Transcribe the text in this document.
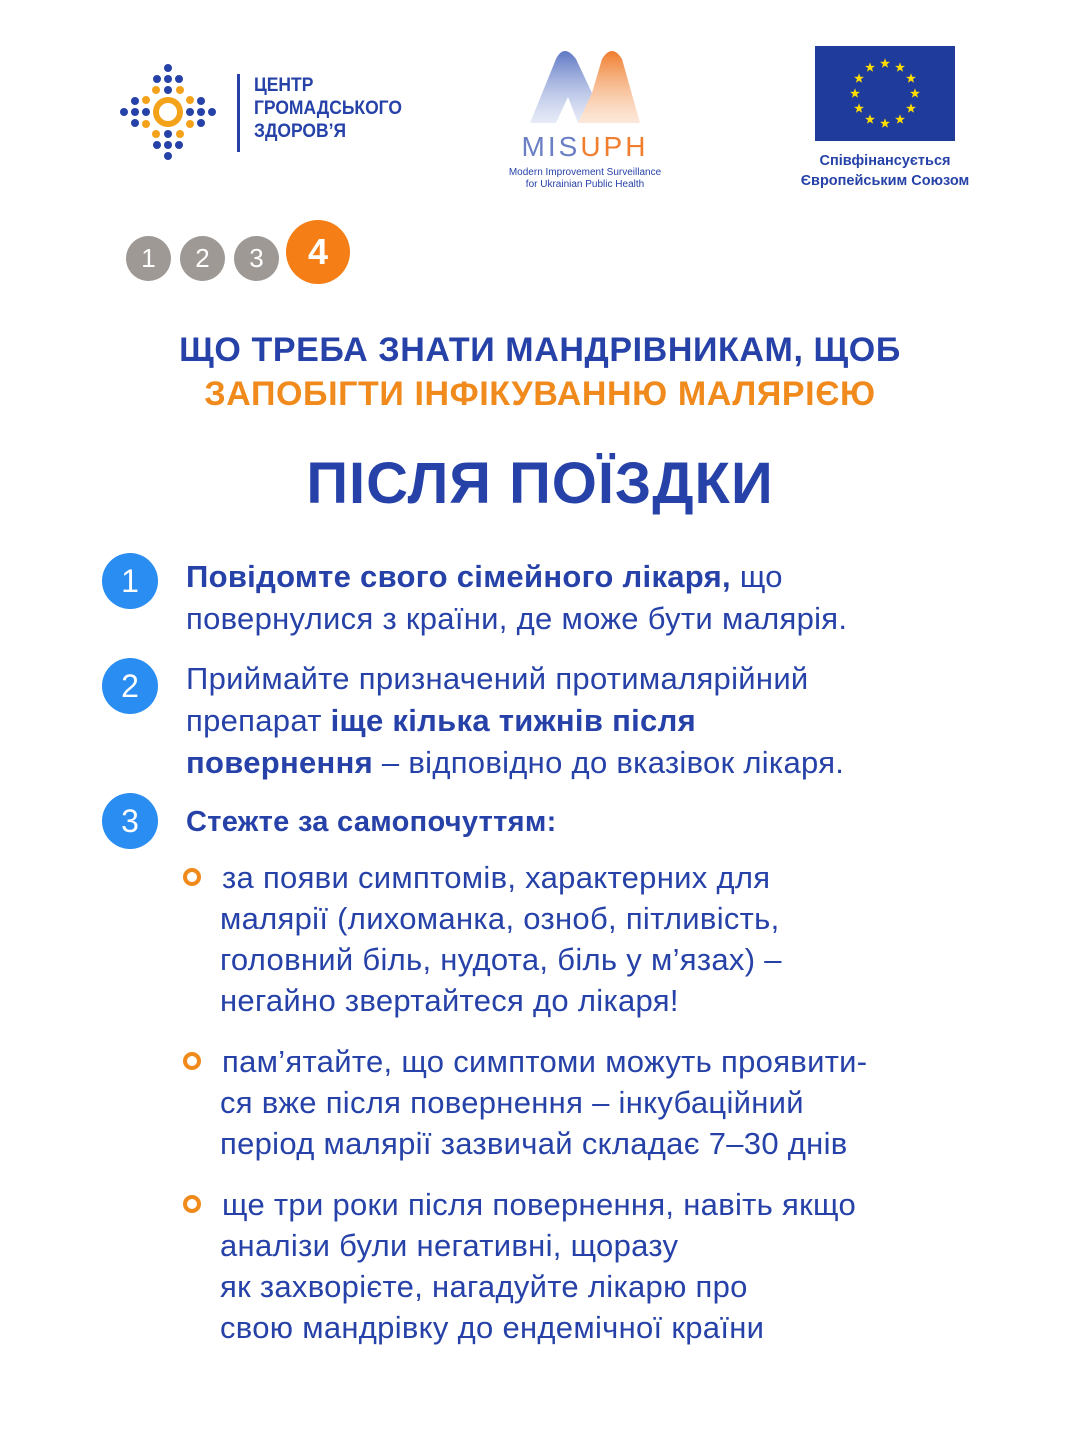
ЦЕНТР
ГРОМАДСЬКОГО
ЗДОРОВ’Я	MISUPH
Modern Improvement Surveillance
for Ukrainian Public Health
Співфінансується
Європейським Союзом
1	2	3	4
ЩО ТРЕБА ЗНАТИ МАНДРІВНИКАМ, ЩОБ
ЗАПОБІГТИ ІНФІКУВАННЮ МАЛЯРІЄЮ
ПІСЛЯ ПОЇЗДКИ
1	Повідомте свого сімейного лікаря, що
повернулися з країни, де може бути малярія.
2	Приймайте призначений протималярійний
препарат іще кілька тижнів після
повернення – відповідно до вказівок лікаря.
3	Стежте за самопочуттям:
за появи симптомів, характерних для
малярії (лихоманка, озноб, пітливість,
головний біль, нудота, біль у м’язах) –
негайно звертайтеся до лікаря!
пам’ятайте, що симптоми можуть проявити-
ся вже після повернення – інкубаційний
період малярії зазвичай складає 7–30 днів
ще три роки після повернення, навіть якщо
аналізи були негативні, щоразу
як захворієте, нагадуйте лікарю про
свою мандрівку до ендемічної країни
